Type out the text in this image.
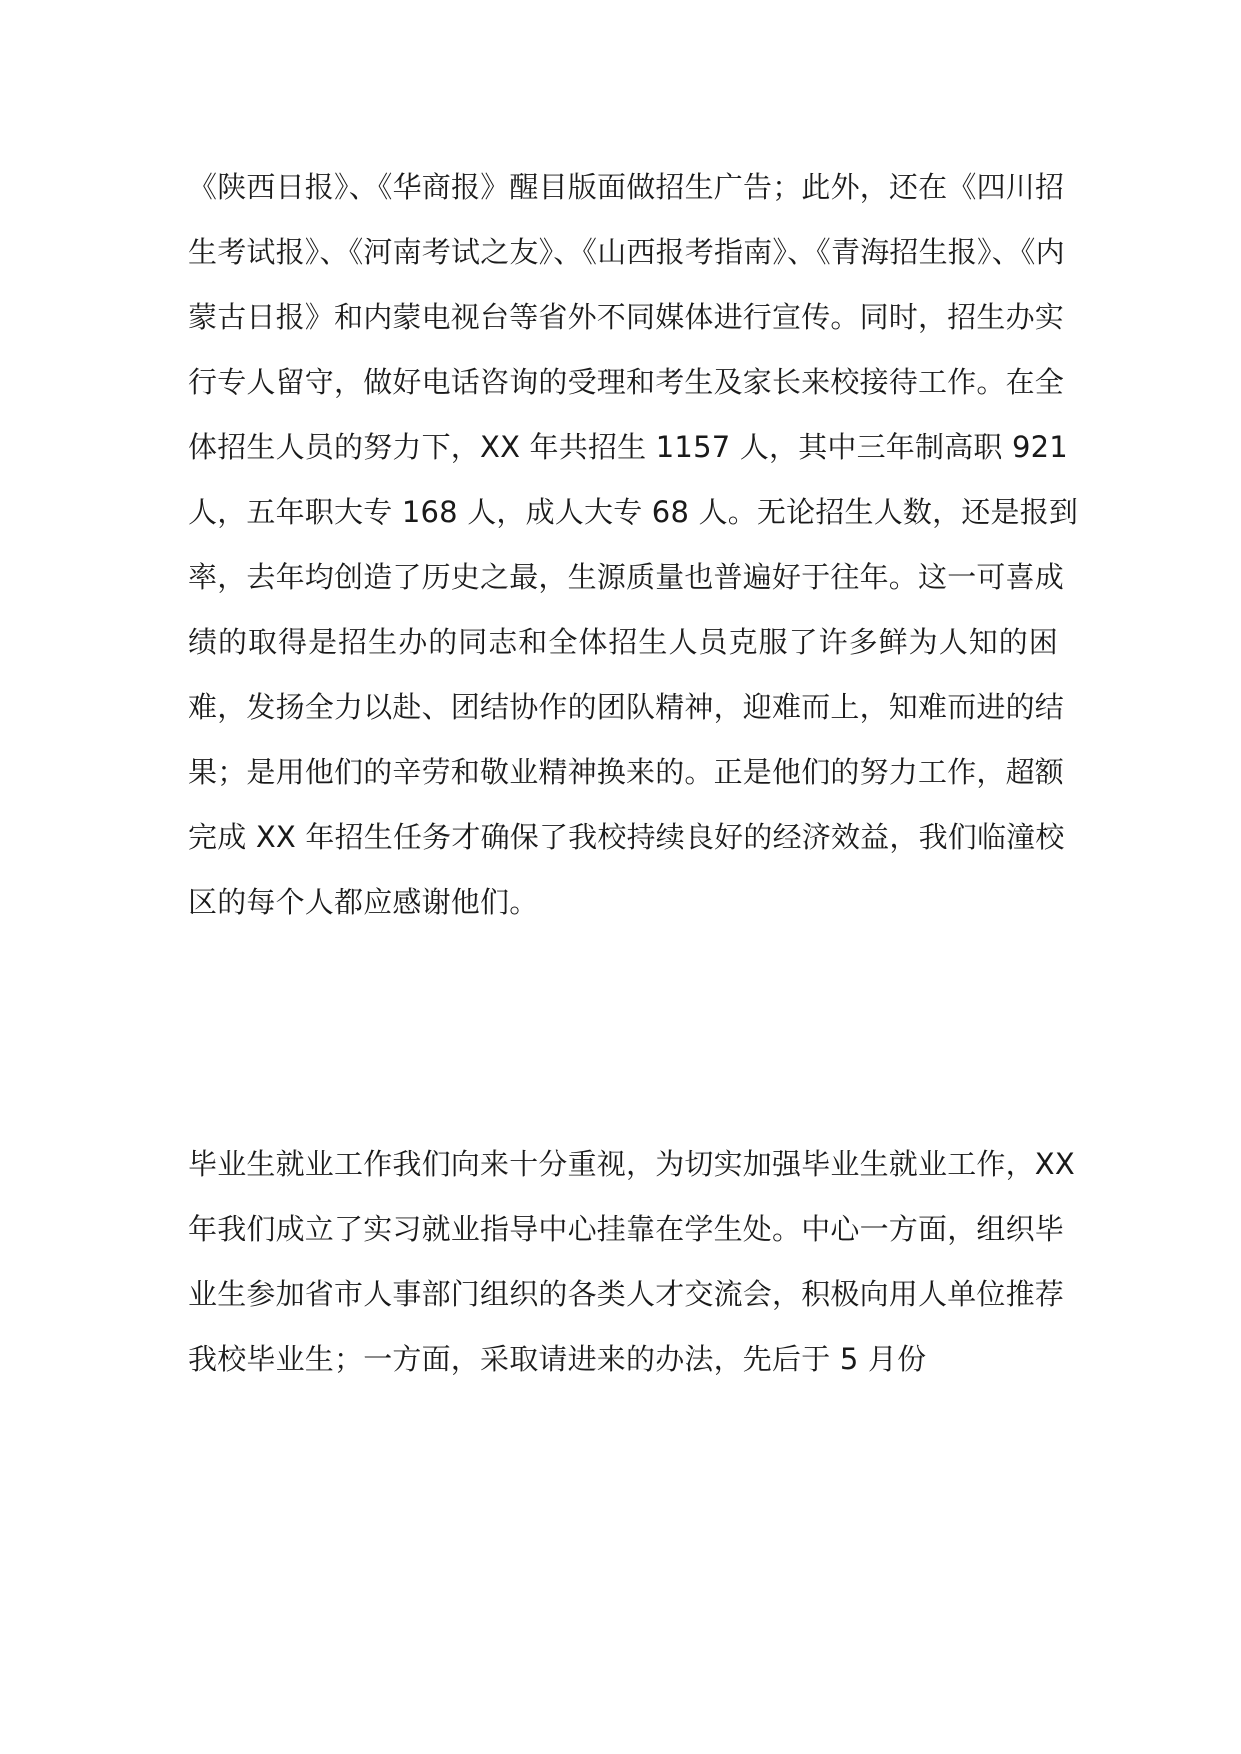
《陕西日报》、《华商报》醒目版面做招生广告；此外，还在《四川招
生考试报》、《河南考试之友》、《山西报考指南》、《青海招生报》、《内
蒙古日报》和内蒙电视台等省外不同媒体进行宣传。同时，招生办实
行专人留守，做好电话咨询的受理和考生及家长来校接待工作。在全
体招生人员的努力下，XX 年共招生 1157 人，其中三年制高职 921
人，五年职大专 168 人，成人大专 68 人。无论招生人数，还是报到
率，去年均创造了历史之最，生源质量也普遍好于往年。这一可喜成
绩的取得是招生办的同志和全体招生人员克服了许多鲜为人知的困
难，发扬全力以赴、团结协作的团队精神，迎难而上，知难而进的结
果；是用他们的辛劳和敬业精神换来的。正是他们的努力工作，超额
完成 XX 年招生任务才确保了我校持续良好的经济效益，我们临潼校
区的每个人都应感谢他们。
毕业生就业工作我们向来十分重视，为切实加强毕业生就业工作，XX
年我们成立了实习就业指导中心挂靠在学生处。中心一方面，组织毕
业生参加省市人事部门组织的各类人才交流会，积极向用人单位推荐
我校毕业生；一方面，采取请进来的办法，先后于 5 月份
